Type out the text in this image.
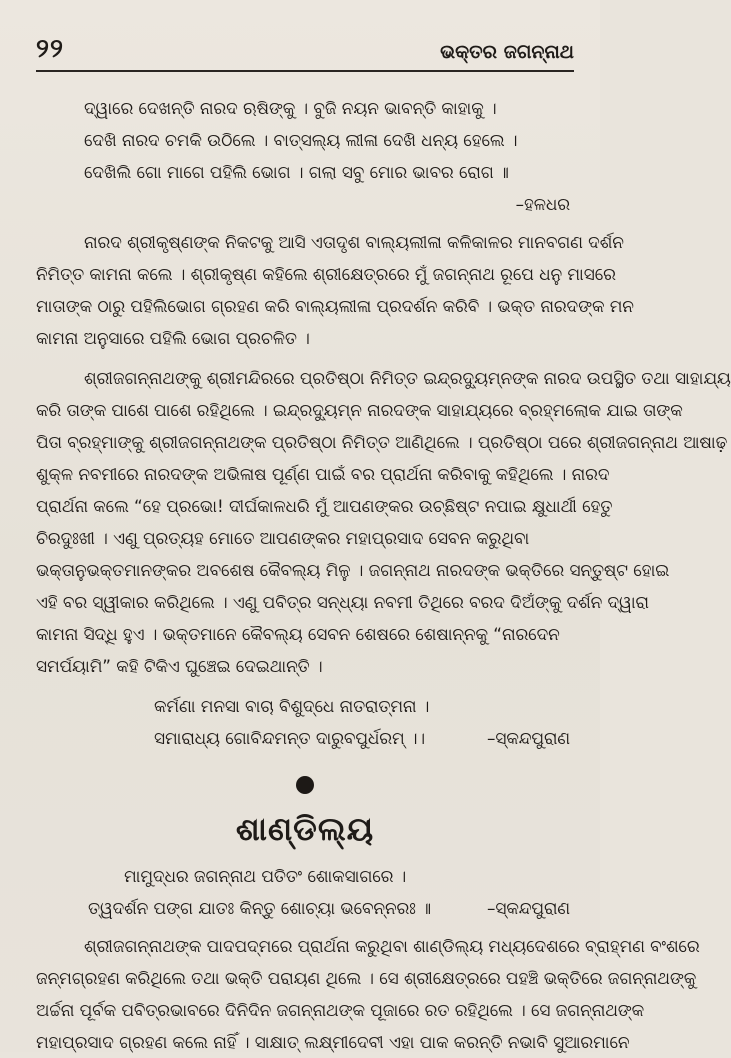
୨୨	ଭକ୍ତର ଜଗନ୍ନାଥ
ଦ୍ୱାରେ ଦେଖନ୍ତି ନାରଦ ଋଷିଙ୍କୁ । ବୁଜି ନୟନ ଭାବନ୍ତି କାହାକୁ ।
ଦେଖି ନାରଦ ଚମକି ଉଠିଲେ । ବାତ୍ସଲ୍ୟ ଲୀଳା ଦେଖି ଧନ୍ୟ ହେଲେ ।
ଦେଖିଲି ଗୋ ମାଗେ ପହିଲି ଭୋଗ । ଗଲା ସବୁ ମୋର ଭାବର ରୋଗ ॥
–ହଳଧର
ନାରଦ ଶ୍ରୀକୃଷ୍ଣଙ୍କ ନିକଟକୁ ଆସି ଏତାଦୃଶ ବାଲ୍ୟଲୀଳା କଳିକାଳର ମାନବଗଣ ଦର୍ଶନ
ନିମିତ୍ତ କାମନା କଲେ । ଶ୍ରୀକୃଷ୍ଣ କହିଲେ ଶ୍ରୀକ୍ଷେତ୍ରରେ ମୁଁ ଜଗନ୍ନାଥ ରୂପେ ଧନୁ ମାସରେ
ମାତାଙ୍କ ଠାରୁ ପହିଲିଭୋଗ ଗ୍ରହଣ କରି ବାଲ୍ୟଲୀଳା ପ୍ରଦର୍ଶନ କରିବି । ଭକ୍ତ ନାରଦଙ୍କ ମନ
କାମନା ଅନୁସାରେ ପହିଲି ଭୋଗ ପ୍ରଚଳିତ ।
ଶ୍ରୀଜଗନ୍ନାଥଙ୍କୁ ଶ୍ରୀମନ୍ଦିରରେ ପ୍ରତିଷ୍ଠା ନିମିତ୍ତ ଇନ୍ଦ୍ରଦ୍ୟୁମ୍ନଙ୍କ ନାରଦ ଉପସ୍ଥିତ ତଥା ସାହାଯ୍ୟ
କରି ତାଙ୍କ ପାଶେ ପାଶେ ରହିଥିଲେ । ଇନ୍ଦ୍ରଦ୍ୟୁମ୍ନ ନାରଦଙ୍କ ସାହାଯ୍ୟରେ ବ୍ରହ୍ମଲୋକ ଯାଇ ତାଙ୍କ
ପିତା ବ୍ରହ୍ମାଙ୍କୁ ଶ୍ରୀଜଗନ୍ନାଥଙ୍କ ପ୍ରତିଷ୍ଠା ନିମିତ୍ତ ଆଣିଥିଲେ । ପ୍ରତିଷ୍ଠା ପରେ ଶ୍ରୀଜଗନ୍ନାଥ ଆଷାଢ଼
ଶୁକ୍ଳ ନବମୀରେ ନାରଦଙ୍କ ଅଭିଳାଷ ପୂର୍ଣ୍ଣ ପାଇଁ ବର ପ୍ରାର୍ଥନା କରିବାକୁ କହିଥିଲେ । ନାରଦ
ପ୍ରାର୍ଥନା କଲେ “ହେ ପ୍ରଭୋ! ଦୀର୍ଘକାଳଧରି ମୁଁ ଆପଣଙ୍କର ଉଚ୍ଛିଷ୍ଟ ନପାଇ କ୍ଷୁଧାର୍ଥୀ ହେତୁ
ଚିରଦୁଃଖୀ । ଏଣୁ ପ୍ରତ୍ୟହ ମୋତେ ଆପଣଙ୍କର ମହାପ୍ରସାଦ ସେବନ କରୁଥିବା
ଭକ୍ତାନୁଭକ୍ତମାନଙ୍କର ଅବଶେଷ କୈବଲ୍ୟ ମିଳୁ । ଜଗନ୍ନାଥ ନାରଦଙ୍କ ଭକ୍ତିରେ ସନ୍ତୁଷ୍ଟ ହୋଇ
ଏହି ବର ସ୍ୱୀକାର କରିଥିଲେ । ଏଣୁ ପବିତ୍ର ସନ୍ଧ୍ୟା ନବମୀ ତିଥିରେ ବରଦ ଦିଅଁଙ୍କୁ ଦର୍ଶନ ଦ୍ୱାରା
କାମନା ସିଦ୍ଧି ହୁଏ । ଭକ୍ତମାନେ କୈବଲ୍ୟ ସେବନ ଶେଷରେ ଶେଷାନ୍ନକୁ “ନାରଦେନ
ସମର୍ପୟାମି” କହି ଟିକିଏ ଘୁଞ୍ଚେଇ ଦେଇଥାନ୍ତି ।
କର୍ମଣା ମନସା ବାଚା ବିଶୁଦ୍ଧେ ନାତରାତ୍ମନା ।
ସମାରାଧ୍ୟ ଗୋବିନ୍ଦମନ୍ତ ଦାରୁବପୁର୍ଧରମ୍ ।।	–ସ୍କନ୍ଦପୁରାଣ
ଶାଣ୍ଡିଲ୍ୟ
ମାମୁଦ୍ଧର ଜଗନ୍ନାଥ ପତିତଂ ଶୋକସାଗରେ ।
ତ୍ୱଦର୍ଶନ ପଙ୍ଗ ଯାତଃ କିନ୍ତୁ ଶୋଚ୍ୟା ଭବେନ୍ନରଃ ॥	–ସ୍କନ୍ଦପୁରାଣ
ଶ୍ରୀଜଗନ୍ନାଥଙ୍କ ପାଦପଦ୍ମରେ ପ୍ରାର୍ଥନା କରୁଥିବା ଶାଣ୍ଡିଲ୍ୟ ମଧ୍ୟଦେଶରେ ବ୍ରାହ୍ମଣ ବଂଶରେ
ଜନ୍ମଗ୍ରହଣ କରିଥିଲେ ତଥା ଭକ୍ତି ପରାୟଣ ଥିଲେ । ସେ ଶ୍ରୀକ୍ଷେତ୍ରରେ ପହଞ୍ଚି ଭକ୍ତିରେ ଜଗନ୍ନାଥଙ୍କୁ
ଅର୍ଚ୍ଚନା ପୂର୍ବକ ପବିତ୍ରଭାବରେ ଦିନିଦିନ ଜଗନ୍ନାଥଙ୍କ ପୂଜାରେ ରତ ରହିଥିଲେ । ସେ ଜଗନ୍ନାଥଙ୍କ
ମହାପ୍ରସାଦ ଗ୍ରହଣ କଲେ ନାହିଁ । ସାକ୍ଷାତ୍ ଲକ୍ଷ୍ମୀଦେବୀ ଏହା ପାକ କରନ୍ତି ନଭାବି ସୁଆରମାନେ
